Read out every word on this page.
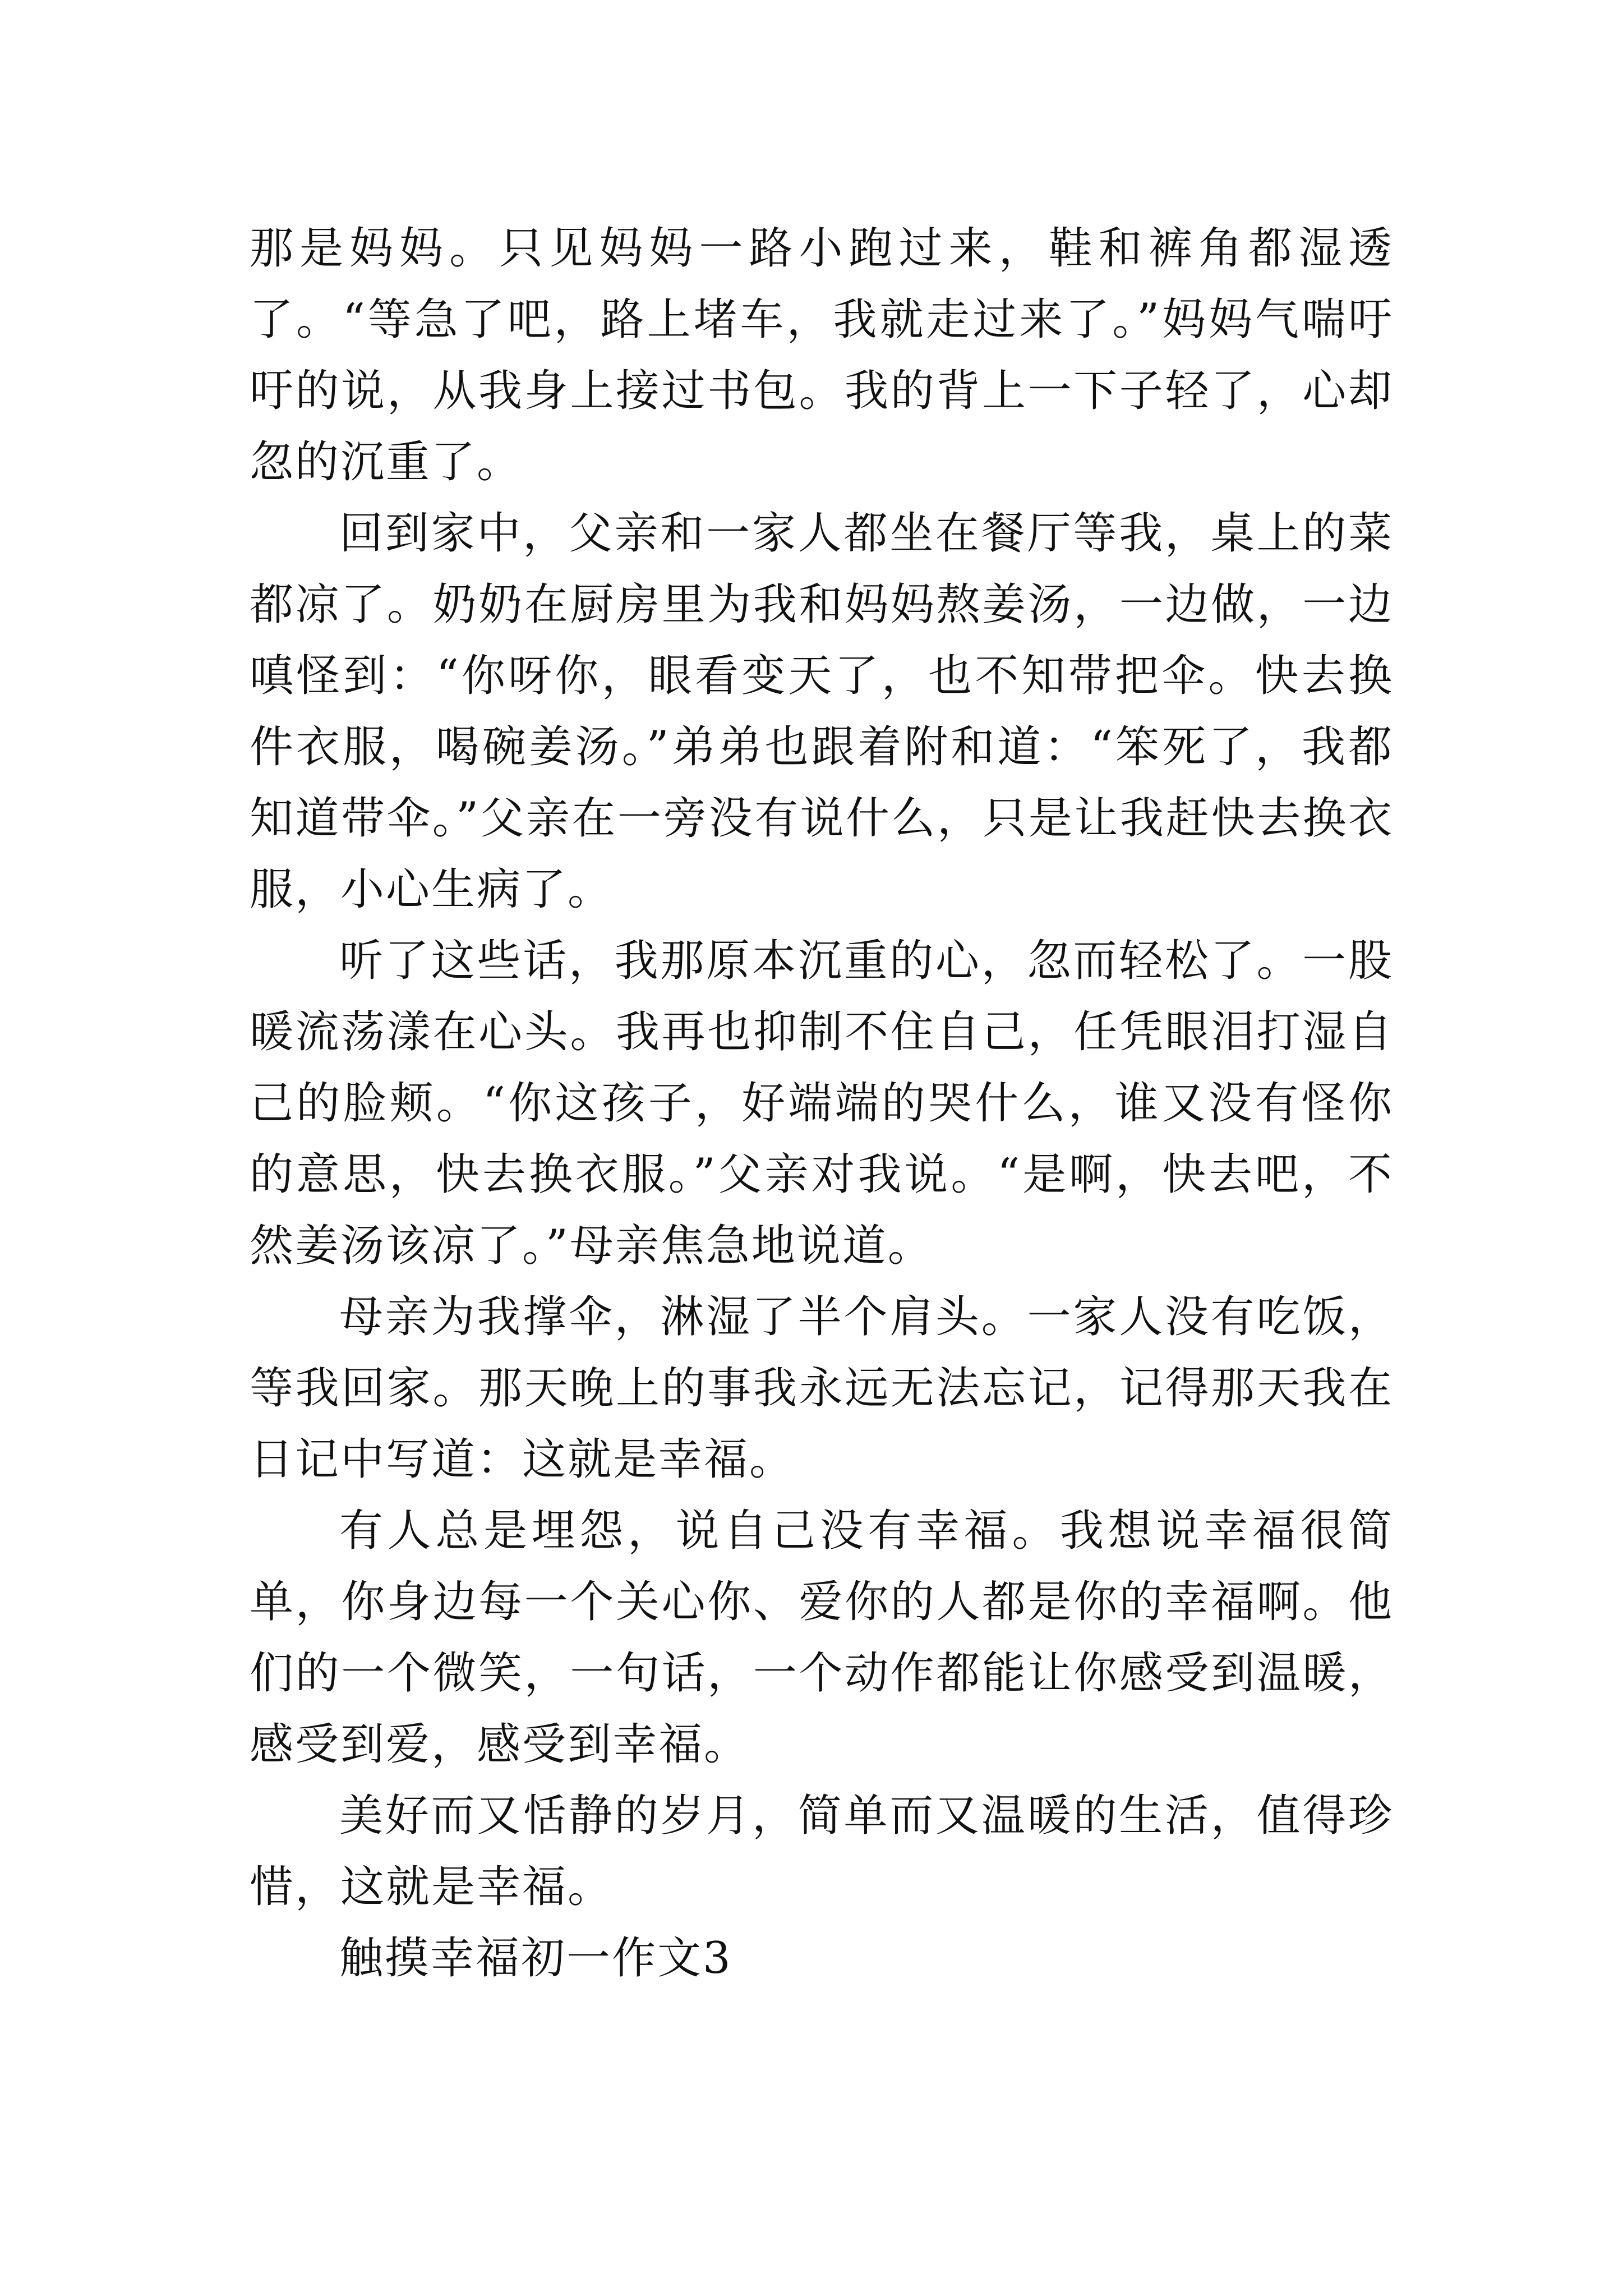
那是妈妈。只见妈妈一路小跑过来，鞋和裤角都湿透了。“等急了吧，路上堵车，我就走过来了。”妈妈气喘吁吁的说，从我身上接过书包。我的背上一下子轻了，心却忽的沉重了。

回到家中，父亲和一家人都坐在餐厅等我，桌上的菜都凉了。奶奶在厨房里为我和妈妈熬姜汤，一边做，一边嗔怪到：“你呀你，眼看变天了，也不知带把伞。快去换件衣服，喝碗姜汤。”弟弟也跟着附和道：“笨死了，我都知道带伞。”父亲在一旁没有说什么，只是让我赶快去换衣服，小心生病了。

听了这些话，我那原本沉重的心，忽而轻松了。一股暖流荡漾在心头。我再也抑制不住自己，任凭眼泪打湿自己的脸颊。“你这孩子，好端端的哭什么，谁又没有怪你的意思，快去换衣服。”父亲对我说。“是啊，快去吧，不然姜汤该凉了。”母亲焦急地说道。

母亲为我撑伞，淋湿了半个肩头。一家人没有吃饭，等我回家。那天晚上的事我永远无法忘记，记得那天我在日记中写道：这就是幸福。

有人总是埋怨，说自己没有幸福。我想说幸福很简单，你身边每一个关心你、爱你的人都是你的幸福啊。他们的一个微笑，一句话，一个动作都能让你感受到温暖，感受到爱，感受到幸福。

美好而又恬静的岁月，简单而又温暖的生活，值得珍惜，这就是幸福。

触摸幸福初一作文3
